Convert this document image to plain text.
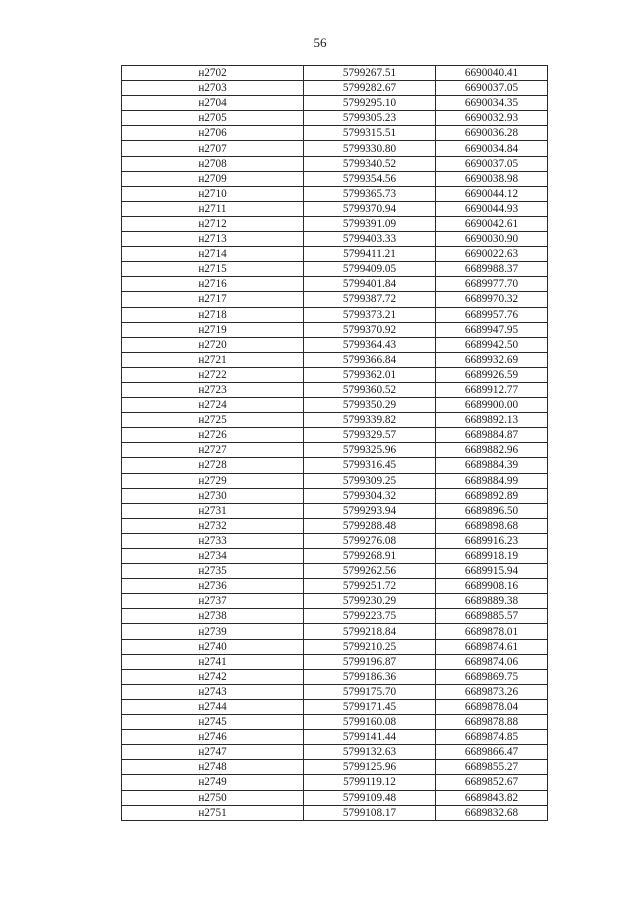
56
н2702	5799267.51	6690040.41
н2703	5799282.67	6690037.05
н2704	5799295.10	6690034.35
н2705	5799305.23	6690032.93
н2706	5799315.51	6690036.28
н2707	5799330.80	6690034.84
н2708	5799340.52	6690037.05
н2709	5799354.56	6690038.98
н2710	5799365.73	6690044.12
н2711	5799370.94	6690044.93
н2712	5799391.09	6690042.61
н2713	5799403.33	6690030.90
н2714	5799411.21	6690022.63
н2715	5799409.05	6689988.37
н2716	5799401.84	6689977.70
н2717	5799387.72	6689970.32
н2718	5799373.21	6689957.76
н2719	5799370.92	6689947.95
н2720	5799364.43	6689942.50
н2721	5799366.84	6689932.69
н2722	5799362.01	6689926.59
н2723	5799360.52	6689912.77
н2724	5799350.29	6689900.00
н2725	5799339.82	6689892.13
н2726	5799329.57	6689884.87
н2727	5799325.96	6689882.96
н2728	5799316.45	6689884.39
н2729	5799309.25	6689884.99
н2730	5799304.32	6689892.89
н2731	5799293.94	6689896.50
н2732	5799288.48	6689898.68
н2733	5799276.08	6689916.23
н2734	5799268.91	6689918.19
н2735	5799262.56	6689915.94
н2736	5799251.72	6689908.16
н2737	5799230.29	6689889.38
н2738	5799223.75	6689885.57
н2739	5799218.84	6689878.01
н2740	5799210.25	6689874.61
н2741	5799196.87	6689874.06
н2742	5799186.36	6689869.75
н2743	5799175.70	6689873.26
н2744	5799171.45	6689878.04
н2745	5799160.08	6689878.88
н2746	5799141.44	6689874.85
н2747	5799132.63	6689866.47
н2748	5799125.96	6689855.27
н2749	5799119.12	6689852.67
н2750	5799109.48	6689843.82
н2751	5799108.17	6689832.68
